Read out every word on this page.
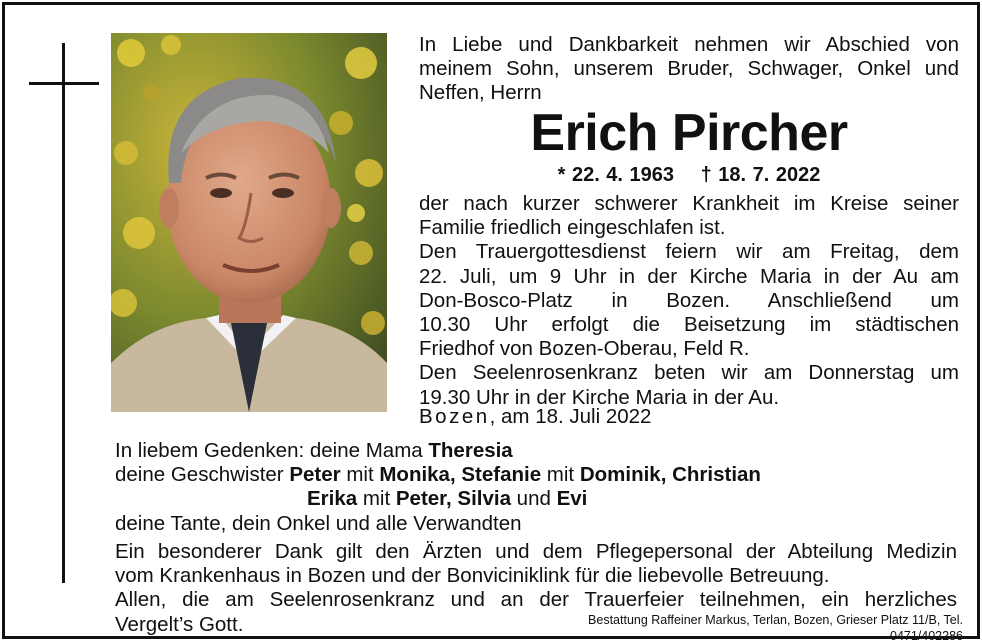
In Liebe und Dankbarkeit nehmen wir Abschied von
meinem Sohn, unserem Bruder, Schwager, Onkel und
Neffen, Herrn
Erich Pircher
* 22. 4. 1963 † 18. 7. 2022
der nach kurzer schwerer Krankheit im Kreise seiner
Familie friedlich eingeschlafen ist.
Den Trauergottesdienst feiern wir am Freitag, dem
22. Juli, um 9 Uhr in der Kirche Maria in der Au am
Don-Bosco-Platz in Bozen. Anschließend um
10.30 Uhr erfolgt die Beisetzung im städtischen
Friedhof von Bozen-Oberau, Feld R.
Den Seelenrosenkranz beten wir am Donnerstag um
19.30 Uhr in der Kirche Maria in der Au.
Bozen, am 18. Juli 2022
In liebem Gedenken: deine Mama Theresia
deine Geschwister Peter mit Monika, Stefanie mit Dominik, Christian
Erika mit Peter, Silvia und Evi
deine Tante, dein Onkel und alle Verwandten
Ein besonderer Dank gilt den Ärzten und dem Pflegepersonal der Abteilung Medizin
vom Krankenhaus in Bozen und der Bonviciniklink für die liebevolle Betreuung.
Allen, die am Seelenrosenkranz und an der Trauerfeier teilnehmen, ein herzliches
Vergelt’s Gott.	Bestattung Raffeiner Markus, Terlan, Bozen, Grieser Platz 11/B, Tel. 0471/402286
